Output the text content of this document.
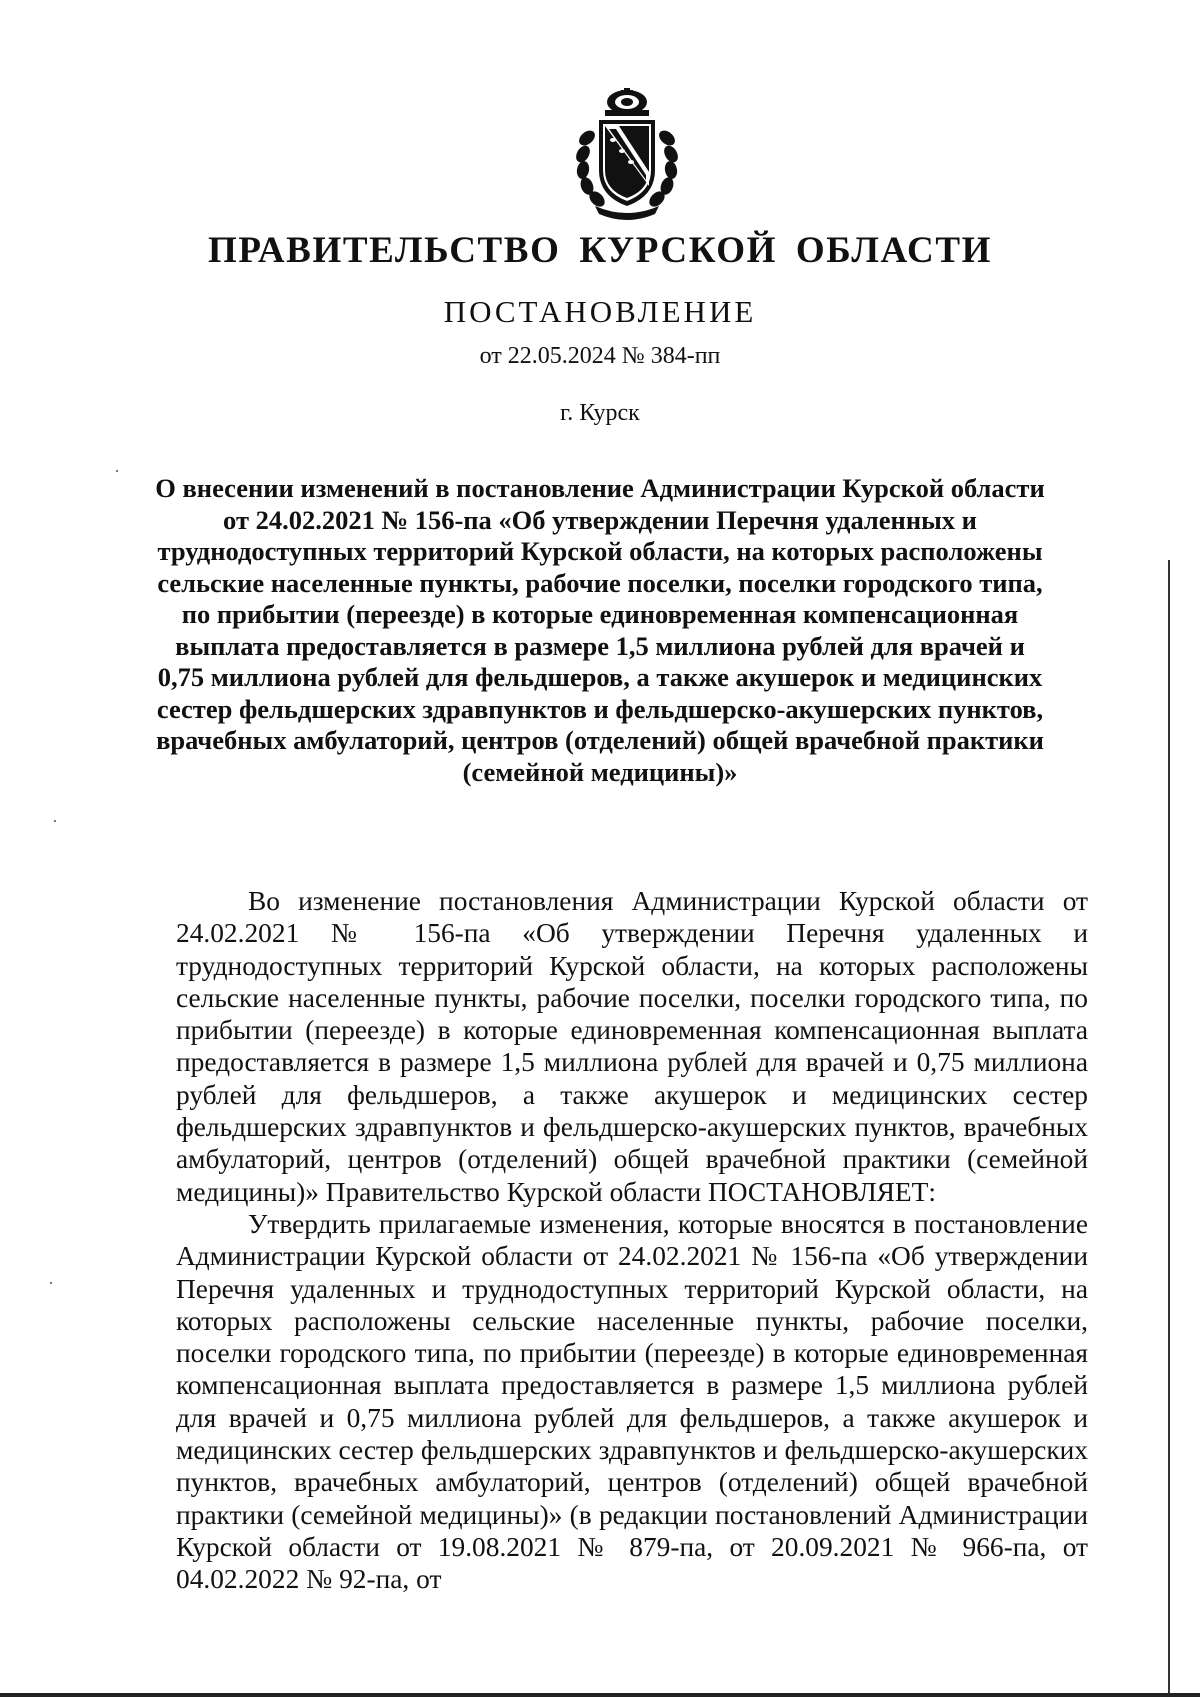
ПРАВИТЕЛЬСТВО КУРСКОЙ ОБЛАСТИ
ПОСТАНОВЛЕНИЕ
от 22.05.2024 № 384-пп
г. Курск
О внесении изменений в постановление Администрации Курской области от 24.02.2021 № 156-па «Об утверждении Перечня удаленных и труднодоступных территорий Курской области, на которых расположены сельские населенные пункты, рабочие поселки, поселки городского типа, по прибытии (переезде) в которые единовременная компенсационная выплата предоставляется в размере 1,5 миллиона рублей для врачей и 0,75 миллиона рублей для фельдшеров, а также акушерок и медицинских сестер фельдшерских здравпунктов и фельдшерско-акушерских пунктов, врачебных амбулаторий, центров (отделений) общей врачебной практики (семейной медицины)»

Во изменение постановления Администрации Курской области от 24.02.2021 № 156-па «Об утверждении Перечня удаленных и труднодоступных территорий Курской области, на которых расположены сельские населенные пункты, рабочие поселки, поселки городского типа, по прибытии (переезде) в которые единовременная компенсационная выплата предоставляется в размере 1,5 миллиона рублей для врачей и 0,75 миллиона рублей для фельдшеров, а также акушерок и медицинских сестер фельдшерских здравпунктов и фельдшерско-акушерских пунктов, врачебных амбулаторий, центров (отделений) общей врачебной практики (семейной медицины)» Правительство Курской области ПОСТАНОВЛЯЕТ:

Утвердить прилагаемые изменения, которые вносятся в постановление Администрации Курской области от 24.02.2021 № 156-па «Об утверждении Перечня удаленных и труднодоступных территорий Курской области, на которых расположены сельские населенные пункты, рабочие поселки, поселки городского типа, по прибытии (переезде) в которые единовременная компенсационная выплата предоставляется в размере 1,5 миллиона рублей для врачей и 0,75 миллиона рублей для фельдшеров, а также акушерок и медицинских сестер фельдшерских здравпунктов и фельдшерско-акушерских пунктов, врачебных амбулаторий, центров (отделений) общей врачебной практики (семейной медицины)» (в редакции постановлений Администрации Курской области от 19.08.2021 № 879-па, от 20.09.2021 № 966-па, от 04.02.2022 № 92-па, от
